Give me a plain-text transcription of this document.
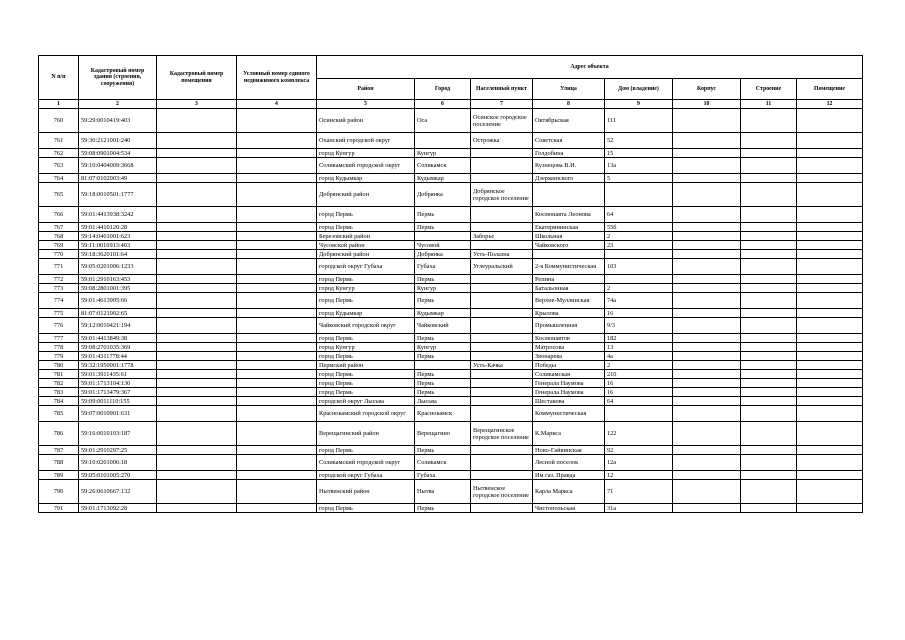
N п/п	Кадастровый номер здания (строения, сооружения)	Кадастровый номер помещения	Условный номер единого недвижимого комплекса	Адрес объекта							
				Район	Город	Населенный пункт	Улица	Дом (владение)	Корпус	Строение	Помещение
1	2	3	4	5	6	7	8	9	10	11	12
760	59:29:0010419:403			Осинский район	Оса	Осинское городское поселение	Октябрьская	111			
761	59:30:2121001:240			Оханский городской округ		Острожка	Советская	52			
762	59:08:0901004:534			город Кунгур	Кунгур		Голдобина	15			
763	59:10:0404009:3668			Соликамский городской округ	Соликамск		Кузнецова В.И.	13а			
764	81:07:0102003:49			город Кудымкар	Кудымкар		Дзержинского	5			
765	59:18:0010501:1777			Добрянский район	Добрянка	Добрянское городское поселение					
766	59:01:4413938:3242			город Пермь	Пермь		Космонавта Леонова	64			
767	59:01:4410120:28			город Пермь	Пермь		Екатерининская	55б			
768	59:14:0461001:623			Березовский район		Заборье	Школьная	2			
769	59:11:0010913:403			Чусовской район	Чусовой		Чайковского	23			
770	59:18:3620101:64			Добрянский район	Добрянка	Усть-Полазна					
771	59:05:0201006:1233			городской округ Губаха	Губаха	Углеуральский	2-я Коммунистическая	103			
772	59:01:2910163:453			город Пермь	Пермь		Репина				
773	59:08:2801001:395			город Кунгур	Кунгур		Батальонная	2			
774	59:01:4613905:66			город Пермь	Пермь		Верхне-Муллинская	74а			
775	81:07:0121002:65			город Кудымкар	Кудымкар		Крылова	16			
776	59:12:0010421:194			Чайковский городской округ	Чайковский		Промышленная	9/3			
777	59:01:4413849:38			город Пермь	Пермь		Космонавтов	182			
778	59:08:2701035:369			город Кунгур	Кунгур		Матросова	13			
779	59:01:4311778:44			город Пермь	Пермь		Звонарева	4а			
780	59:32:1950001:1778			Пермский район		Усть-Качка	Победы	2			
781	59:01:3911435:61			город Пермь	Пермь		Соликамская	210			
782	59:01:1713104:130			город Пермь	Пермь		Генерала Наумова	16			
783	59:01:1713479:367			город Пермь	Пермь		Генерала Наумова	16			
784	59:09:0011110:155			городской округ Лысьва	Лысьва		Шестакова	64			
785	59:07:0010901:631			Краснокамский городской округ	Краснокамск		Коммунистическая				
786	59:16:0010103:187			Верещагинский район	Верещагино	Верещагинское городское поселение	К.Маркса	122			
787	59:01:2910297:25			город Пермь	Пермь		Ново-Гайвинская	92			
788	59:10:0201006:18			Соликамский городской округ	Соликамск		Лесной поселок	12а			
789	59:05:0101005:270			городской округ Губаха	Губаха		Им газ. Правда	12			
790	59:26:0610667:132			Нытвенский район	Нытва	Нытвенское городское поселение	Карла Маркса	71			
791	59:01:1713092:28			город Пермь	Пермь		Чистопольская	31а			
